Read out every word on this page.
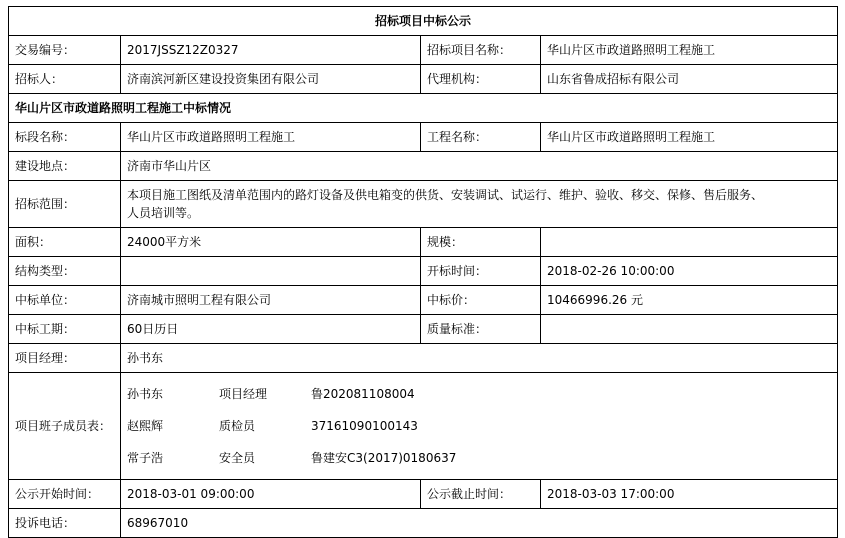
招标项目中标公示			
交易编号：	2017JSSZ12Z0327	招标项目名称：	华山片区市政道路照明工程施工
招标人：	济南滨河新区建设投资集团有限公司	代理机构：	山东省鲁成招标有限公司
华山片区市政道路照明工程施工中标情况			
标段名称：	华山片区市政道路照明工程施工	工程名称：	华山片区市政道路照明工程施工
建设地点：	济南市华山片区		
招标范围：	本项目施工图纸及清单范围内的路灯设备及供电箱变的供货、安装调试、试运行、维护、验收、移交、保修、售后服务、
人员培训等。		

面积：	24000平方米	规模：	
结构类型：		开标时间：	2018-02-26 10:00:00
中标单位：	济南城市照明工程有限公司	中标价：	10466996.26 元
中标工期：	60日历日	质量标准：	
项目经理：	孙书东		
项目班子成员表：	
孙书东	项目经理	鲁202081108004
赵熙辉	质检员	37161090100143
常子浩	安全员	鲁建安C3(2017)0180637

公示开始时间：	2018-03-01 09:00:00	公示截止时间：	2018-03-03 17:00:00
投诉电话：	68967010		
